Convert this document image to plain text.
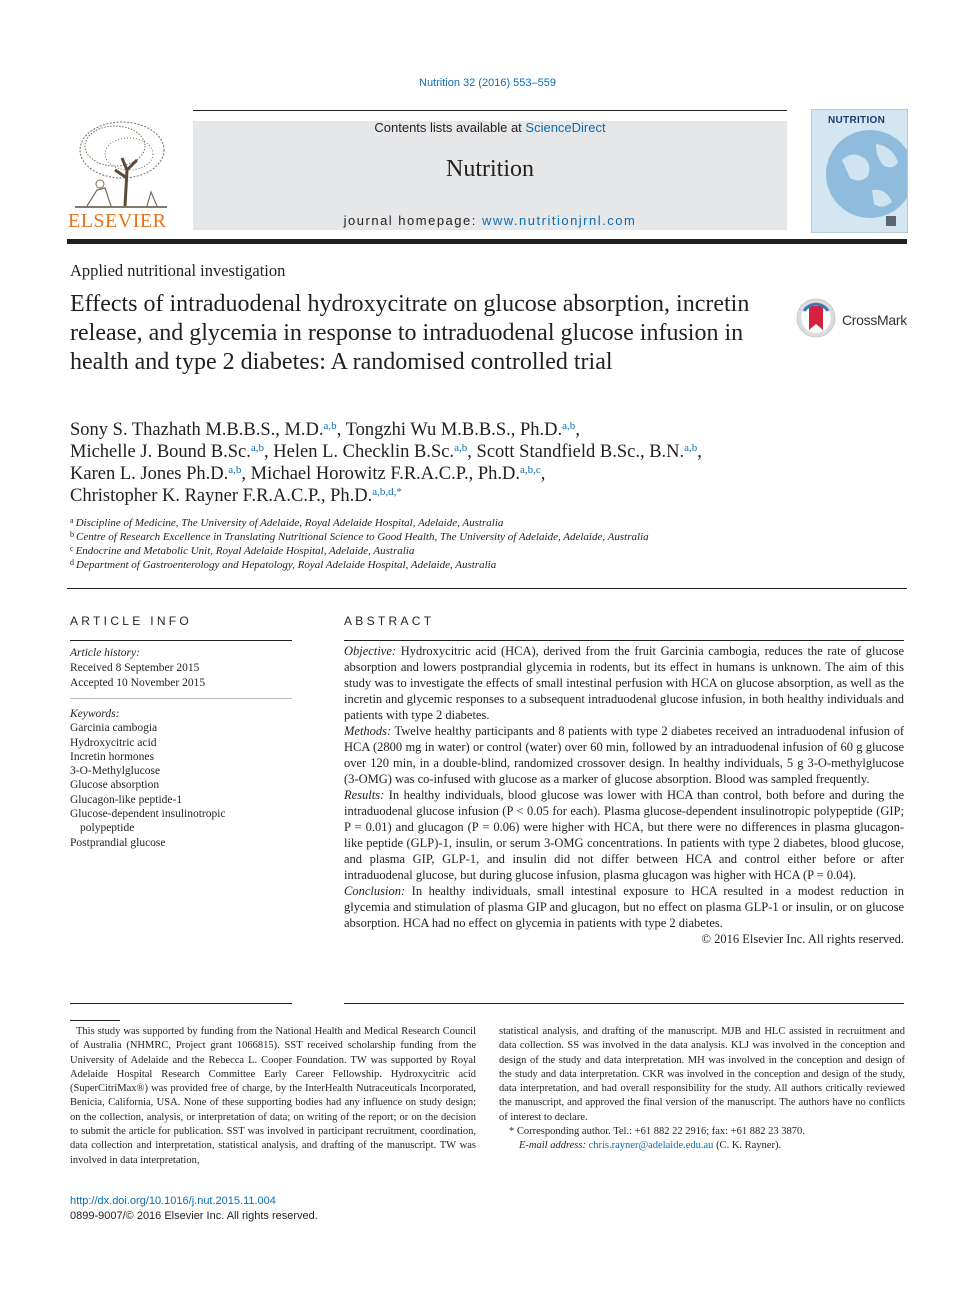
Nutrition 32 (2016) 553–559
ELSEVIER
Contents lists available at ScienceDirect
Nutrition
journal homepage: www.nutritionjrnl.com
NUTRITION
Applied nutritional investigation
Effects of intraduodenal hydroxycitrate on glucose absorption, incretin release, and glycemia in response to intraduodenal glucose infusion in health and type 2 diabetes: A randomised controlled trial
CrossMark
Sony S. Thazhath M.B.B.S., M.D.$^{a,b}$, Tongzhi Wu M.B.B.S., Ph.D.$^{a,b}$,
Michelle J. Bound B.Sc.$^{a,b}$, Helen L. Checklin B.Sc.$^{a,b}$, Scott Standfield B.Sc., B.N.$^{a,b}$,
Karen L. Jones Ph.D.$^{a,b}$, Michael Horowitz F.R.A.C.P., Ph.D.$^{a,b,c}$,
Christopher K. Rayner F.R.A.C.P., Ph.D.$^{a,b,d,*}$
$^a$ Discipline of Medicine, The University of Adelaide, Royal Adelaide Hospital, Adelaide, Australia
$^b$ Centre of Research Excellence in Translating Nutritional Science to Good Health, The University of Adelaide, Adelaide, Australia
$^c$ Endocrine and Metabolic Unit, Royal Adelaide Hospital, Adelaide, Australia
$^d$ Department of Gastroenterology and Hepatology, Royal Adelaide Hospital, Adelaide, Australia
ARTICLE INFO	ABSTRACT
Article history:
Received 8 September 2015
Accepted 10 November 2015
Keywords:
Garcinia cambogia
Hydroxycitric acid
Incretin hormones
3-O-Methylglucose
Glucose absorption
Glucagon-like peptide-1
Glucose-dependent insulinotropic
polypeptide
Postprandial glucose

Objective: Hydroxycitric acid (HCA), derived from the fruit Garcinia cambogia, reduces the rate of glucose absorption and lowers postprandial glycemia in rodents, but its effect in humans is unknown. The aim of this study was to investigate the effects of small intestinal perfusion with HCA on glucose absorption, as well as the incretin and glycemic responses to a subsequent intraduodenal glucose infusion, in both healthy individuals and patients with type 2 diabetes.

Methods: Twelve healthy participants and 8 patients with type 2 diabetes received an intraduodenal infusion of HCA (2800 mg in water) or control (water) over 60 min, followed by an intraduodenal infusion of 60 g glucose over 120 min, in a double-blind, randomized crossover design. In healthy individuals, 5 g 3-O-methylglucose (3-OMG) was co-infused with glucose as a marker of glucose absorption. Blood was sampled frequently.

Results: In healthy individuals, blood glucose was lower with HCA than control, both before and during the intraduodenal glucose infusion (P < 0.05 for each). Plasma glucose-dependent insulinotropic polypeptide (GIP; P = 0.01) and glucagon (P = 0.06) were higher with HCA, but there were no differences in plasma glucagon-like peptide (GLP)-1, insulin, or serum 3-OMG concentrations. In patients with type 2 diabetes, blood glucose, and plasma GIP, GLP-1, and insulin did not differ between HCA and control either before or after intraduodenal glucose, but during glucose infusion, plasma glucagon was higher with HCA (P = 0.04).

Conclusion: In healthy individuals, small intestinal exposure to HCA resulted in a modest reduction in glycemia and stimulation of plasma GIP and glucagon, but no effect on plasma GLP-1 or insulin, or on glucose absorption. HCA had no effect on glycemia in patients with type 2 diabetes.

© 2016 Elsevier Inc. All rights reserved.

This study was supported by funding from the National Health and Medical Research Council of Australia (NHMRC, Project grant 1066815). SST received scholarship funding from the University of Adelaide and the Rebecca L. Cooper Foundation. TW was supported by Royal Adelaide Hospital Research Committee Early Career Fellowship. Hydroxycitric acid (SuperCitriMax®) was provided free of charge, by the InterHealth Nutraceuticals Incorporated, Benicia, California, USA. None of these supporting bodies had any influence on study design; on the collection, analysis, or interpretation of data; on writing of the report; or on the decision to submit the article for publication. SST was involved in participant recruitment, coordination, data collection and interpretation, statistical analysis, and drafting of the manuscript. TW was involved in data interpretation,

statistical analysis, and drafting of the manuscript. MJB and HLC assisted in recruitment and data collection. SS was involved in the data analysis. KLJ was involved in the conception and design of the study and data interpretation. MH was involved in the conception and design of the study and data interpretation. CKR was involved in the conception and design of the study, data interpretation, and had overall responsibility for the study. All authors critically reviewed the manuscript, and approved the final version of the manuscript. The authors have no conflicts of interest to declare.

* Corresponding author. Tel.: +61 882 22 2916; fax: +61 882 23 3870.

E-mail address: chris.rayner@adelaide.edu.au (C. K. Rayner).

http://dx.doi.org/10.1016/j.nut.2015.11.004
0899-9007/© 2016 Elsevier Inc. All rights reserved.
